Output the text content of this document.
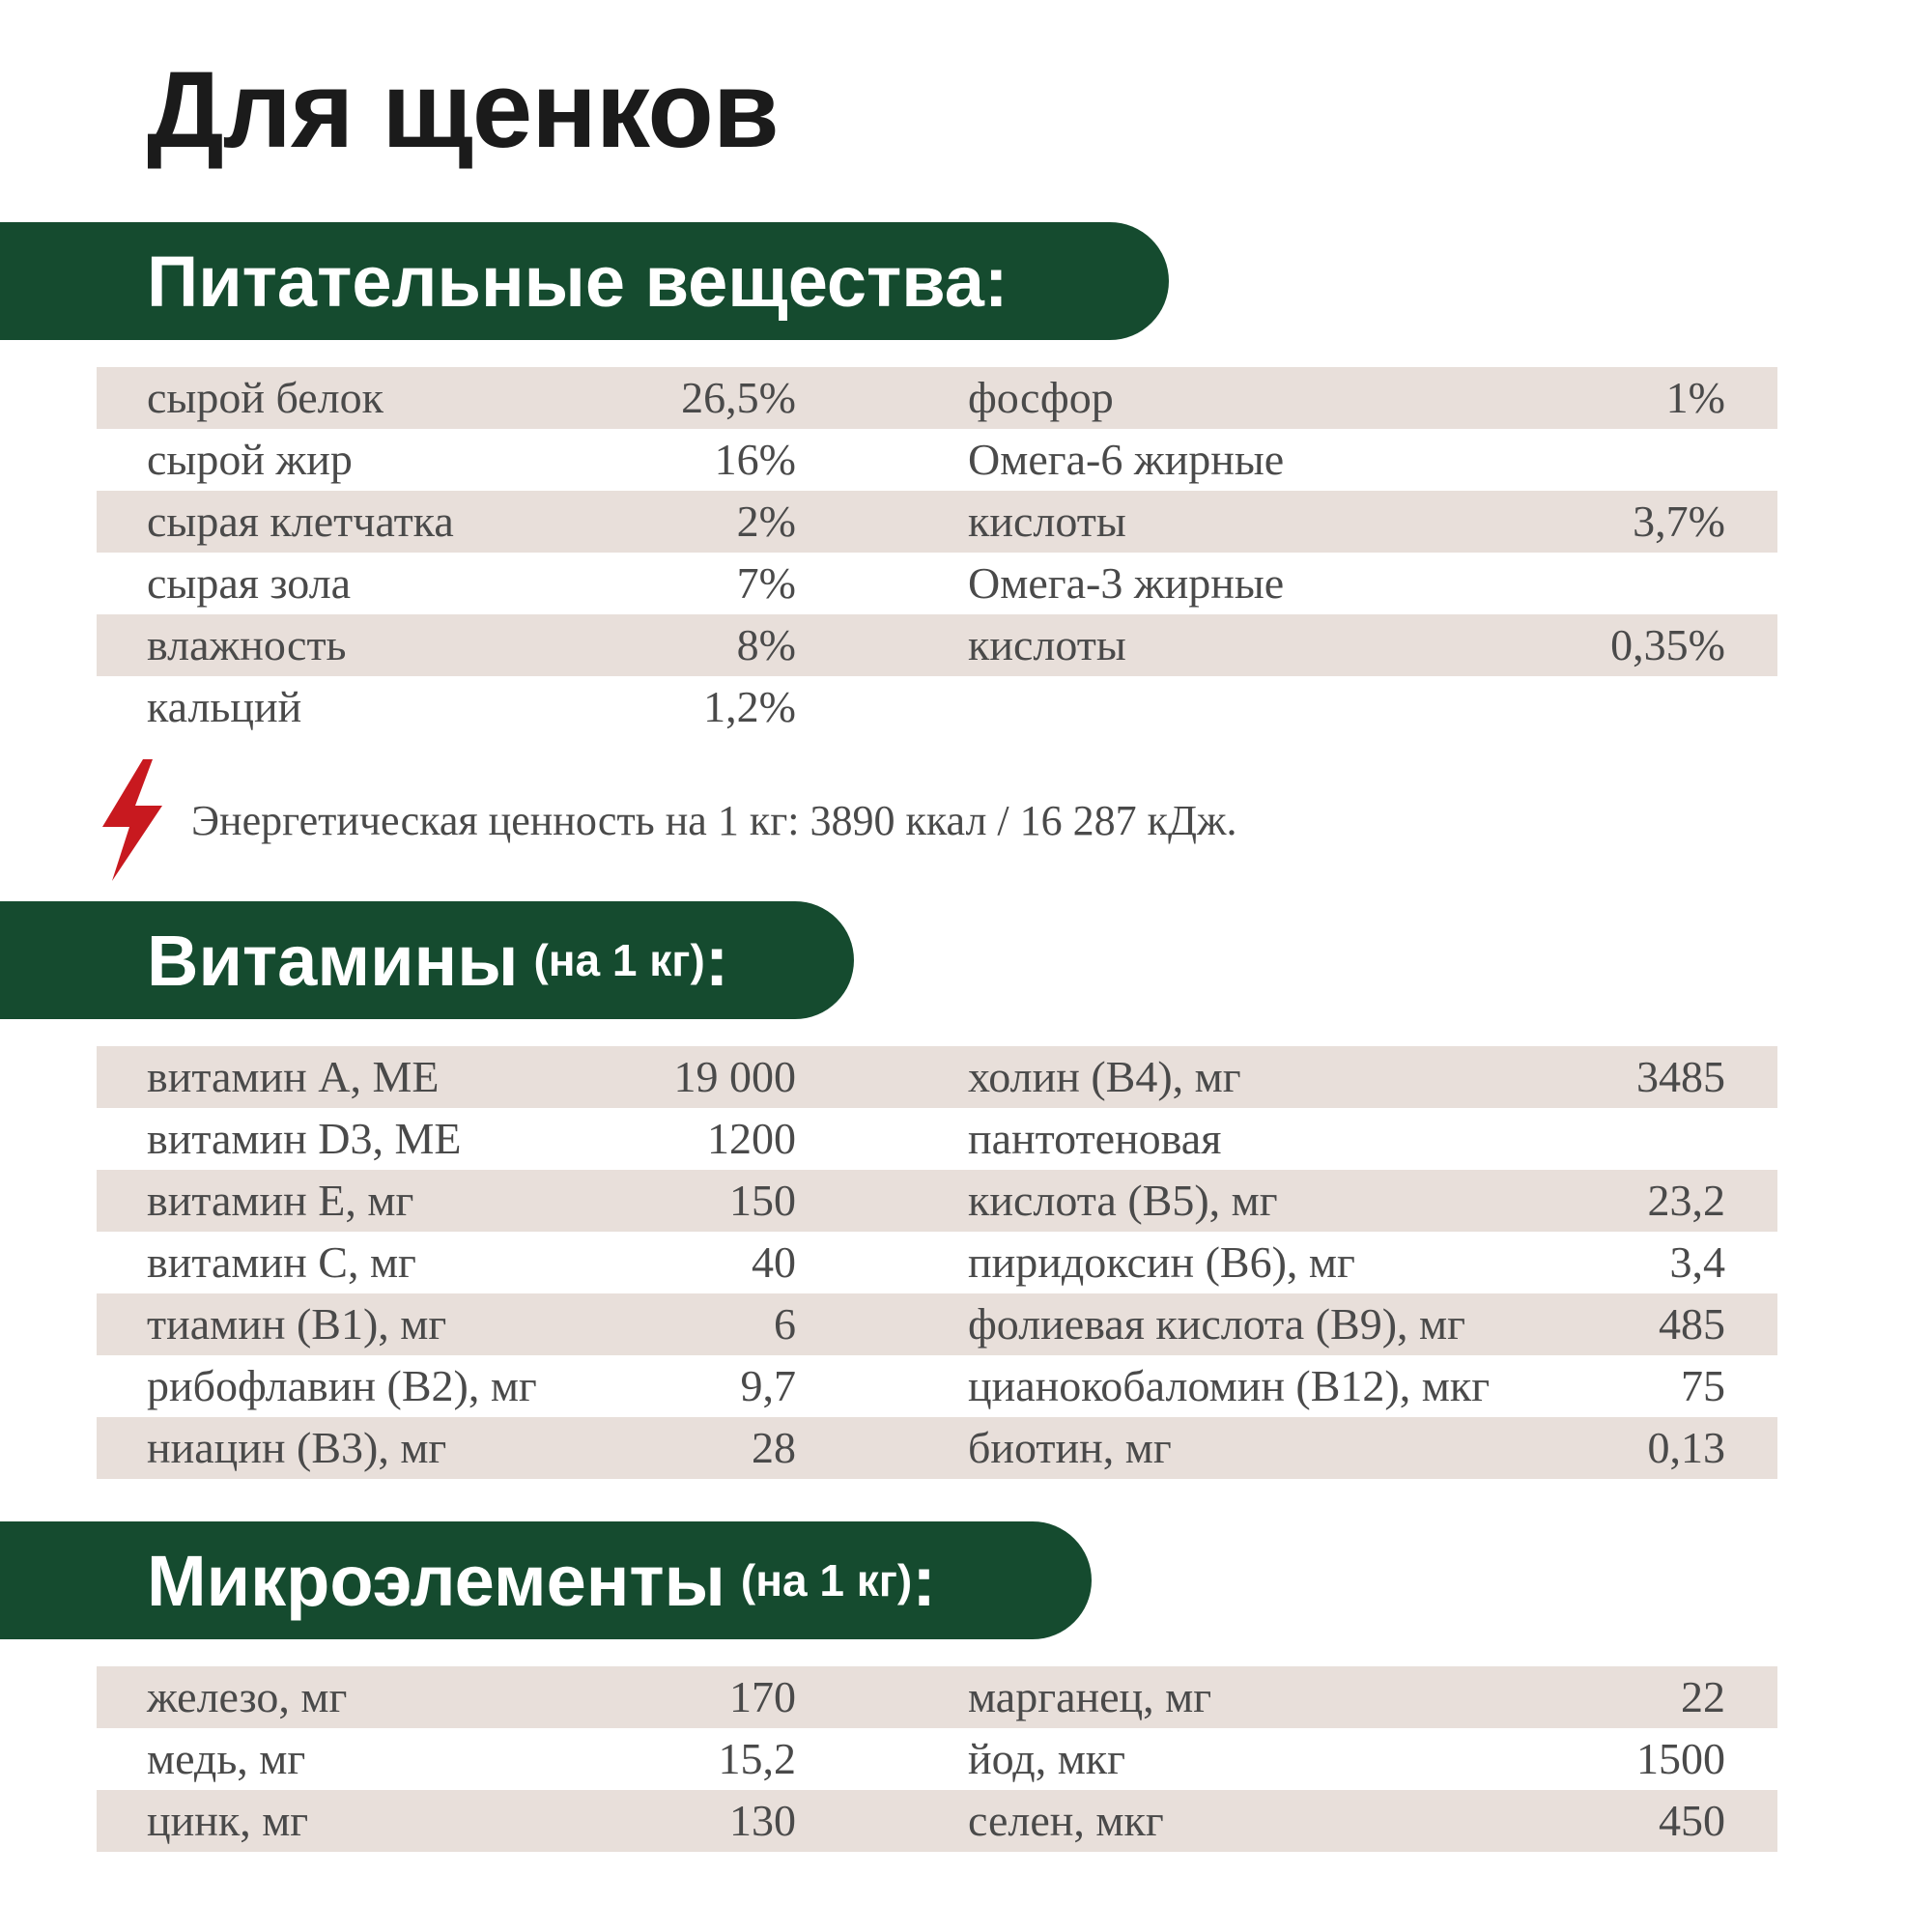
Для щенков
Питательные вещества:
сырой белок	26,5%	фосфор	1%
сырой жир	16%	Омега-6 жирные
сырая клетчатка	2%	кислоты	3,7%
сырая зола	7%	Омега-3 жирные
влажность	8%	кислоты	0,35%
кальций	1,2%
Энергетическая ценность на 1 кг: 3890 ккал / 16 287 кДж.
Витамины (на 1 кг) :
витамин A, ME	19 000	холин (B4), мг	3485
витамин D3, ME	1200	пантотеновая
витамин E, мг	150	кислота (B5), мг	23,2
витамин C, мг	40	пиридоксин (B6), мг	3,4
тиамин (B1), мг	6	фолиевая кислота (B9), мг	485
рибофлавин (B2), мг	9,7	цианокобаломин (B12), мкг	75
ниацин (B3), мг	28	биотин, мг	0,13
Микроэлементы (на 1 кг) :
железо, мг	170	марганец, мг	22
медь, мг	15,2	йод, мкг	1500
цинк, мг	130	селен, мкг	450
